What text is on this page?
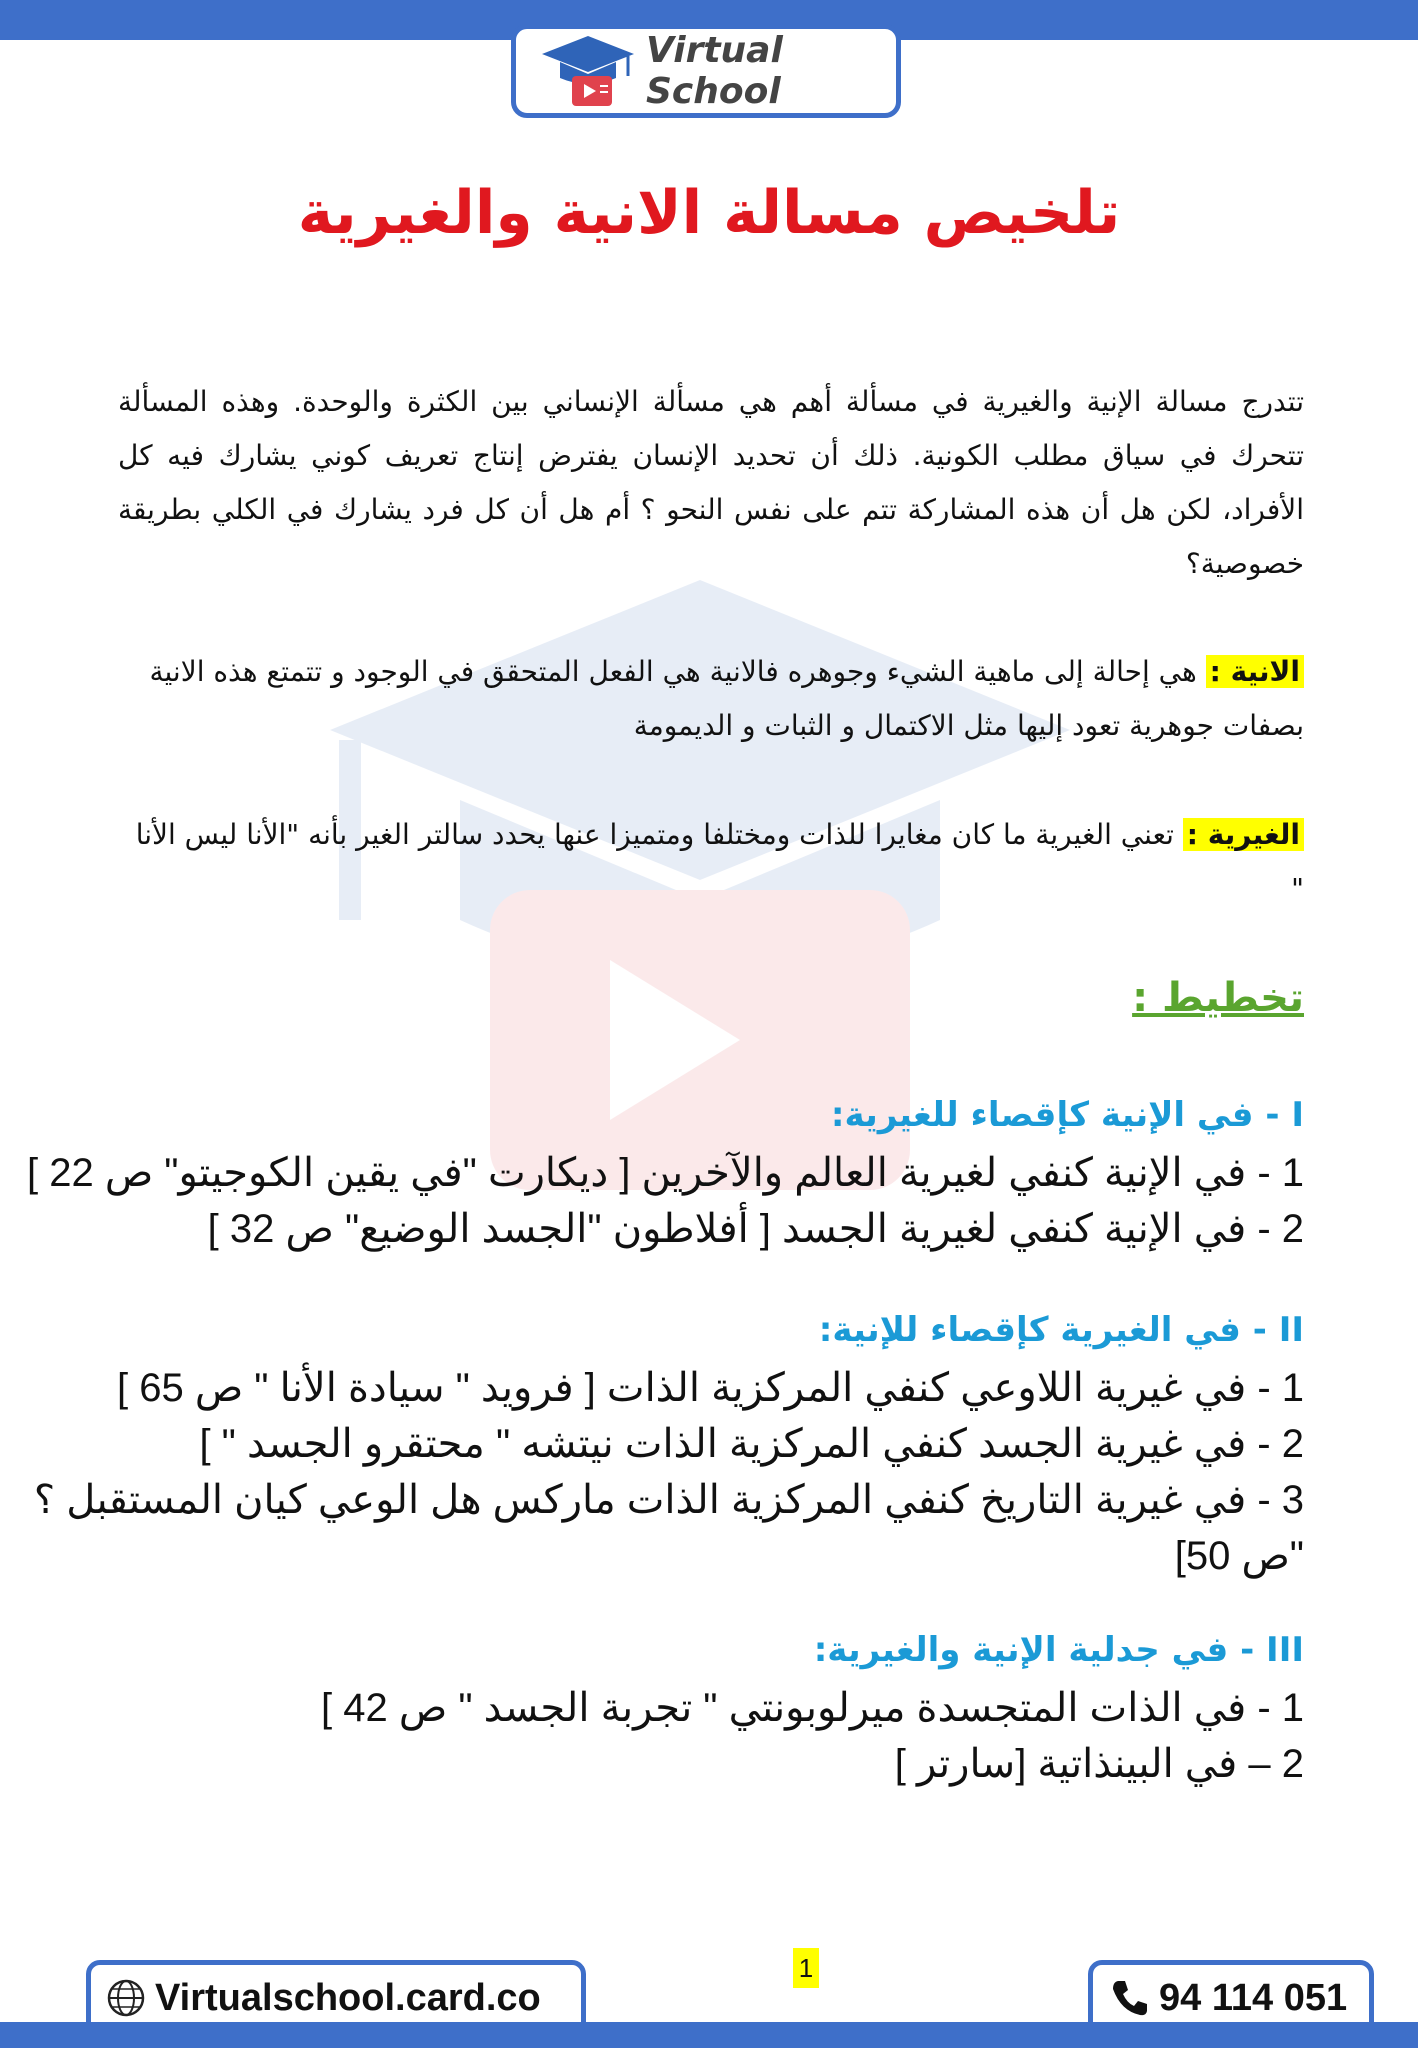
Virtual School
تلخيص مسالة الانية والغيرية
تتدرج مسالة الإنية والغيرية في مسألة أهم هي مسألة الإنساني بين الكثرة والوحدة. وهذه المسألة تتحرك في سياق مطلب الكونية. ذلك أن تحديد الإنسان يفترض إنتاج تعريف كوني يشارك فيه كل الأفراد، لكن هل أن هذه المشاركة تتم على نفس النحو ؟ أم هل أن كل فرد يشارك في الكلي بطريقة خصوصية؟
الانية : هي إحالة إلى ماهية الشيء وجوهره فالانية هي الفعل المتحقق في الوجود و تتمتع هذه الانية بصفات جوهرية تعود إليها مثل الاكتمال و الثبات و الديمومة
الغيرية : تعني الغيرية ما كان مغايرا للذات ومختلفا ومتميزا عنها يحدد سالتر الغير بأنه "الأنا ليس الأنا "
تخطيط :
I - في الإنية كإقصاء للغيرية:
1 - في الإنية كنفي لغيرية العالم والآخرين [ ديكارت "في يقين الكوجيتو" ص 22 ]
2 - في الإنية كنفي لغيرية الجسد [ أفلاطون "الجسد الوضيع" ص 32 ]
II - في الغيرية كإقصاء للإنية:
1 - في غيرية اللاوعي كنفي المركزية الذات [ فرويد " سيادة الأنا " ص 65 ]
2 - في غيرية الجسد كنفي المركزية الذات نيتشه " محتقرو الجسد " ]
3 - في غيرية التاريخ كنفي المركزية الذات ماركس هل الوعي كيان المستقبل ؟
"ص 50]
III - في جدلية الإنية والغيرية:
1 - في الذات المتجسدة ميرلوبونتي " تجربة الجسد " ص 42 ]
2 – في البينذاتية [سارتر ]
1
Virtualschool.card.co	94 114 051
